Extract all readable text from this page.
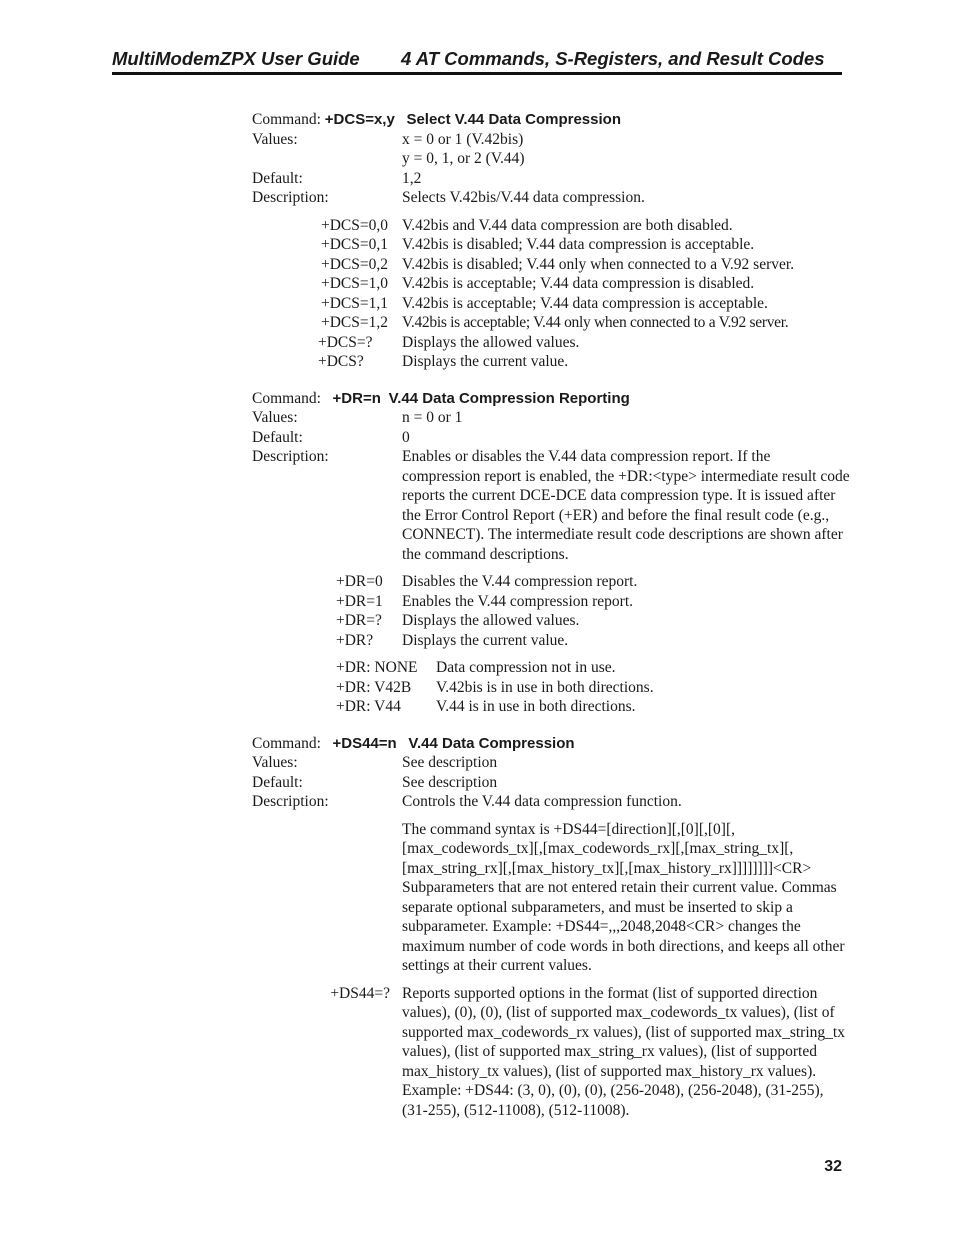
MultiModemZPX User Guide 4 AT Commands, S-Registers, and Result Codes
Command: +DCS=x,y Select V.44 Data Compression
Values:	x = 0 or 1 (V.42bis)
y = 0, 1, or 2 (V.44)
Default:	1,2
Description:	Selects V.42bis/V.44 data compression.
+DCS=0,0 V.42bis and V.44 data compression are both disabled.
+DCS=0,1 V.42bis is disabled; V.44 data compression is acceptable.
+DCS=0,2 V.42bis is disabled; V.44 only when connected to a V.92 server.
+DCS=1,0 V.42bis is acceptable; V.44 data compression is disabled.
+DCS=1,1 V.42bis is acceptable; V.44 data compression is acceptable.
+DCS=1,2 V.42bis is acceptable; V.44 only when connected to a V.92 server.
+DCS=?	Displays the allowed values.
+DCS?	Displays the current value.
Command: +DR=n V.44 Data Compression Reporting
Values:	n = 0 or 1
Default:	0
Description:	Enables or disables the V.44 data compression report. If the compression report is enabled, the +DR:<type> intermediate result code reports the current DCE-DCE data compression type. It is issued after the Error Control Report (+ER) and before the final result code (e.g., CONNECT). The intermediate result code descriptions are shown after the command descriptions.
+DR=0	Disables the V.44 compression report.
+DR=1	Enables the V.44 compression report.
+DR=?	Displays the allowed values.
+DR?	Displays the current value.
+DR: NONE	Data compression not in use.
+DR: V42B	V.42bis is in use in both directions.
+DR: V44	V.44 is in use in both directions.
Command: +DS44=n V.44 Data Compression
Values:	See description
Default:	See description
Description:	Controls the V.44 data compression function.
The command syntax is +DS44=[direction][,[0][,[0][,[max_codewords_tx][,[max_codewords_rx][,[max_string_tx][,[max_string_rx][,[max_history_tx][,[max_history_rx]]]]]]]]<CR> Subparameters that are not entered retain their current value. Commas separate optional subparameters, and must be inserted to skip a subparameter. Example: +DS44=,,,2048,2048<CR> changes the maximum number of code words in both directions, and keeps all other settings at their current values.
+DS44=? Reports supported options in the format (list of supported direction values), (0), (0), (list of supported max_codewords_tx values), (list of supported max_codewords_rx values), (list of supported max_string_tx values), (list of supported max_string_rx values), (list of supported max_history_tx values), (list of supported max_history_rx values). Example: +DS44: (3, 0), (0), (0), (256-2048), (256-2048), (31-255), (31-255), (512-11008), (512-11008).
32
